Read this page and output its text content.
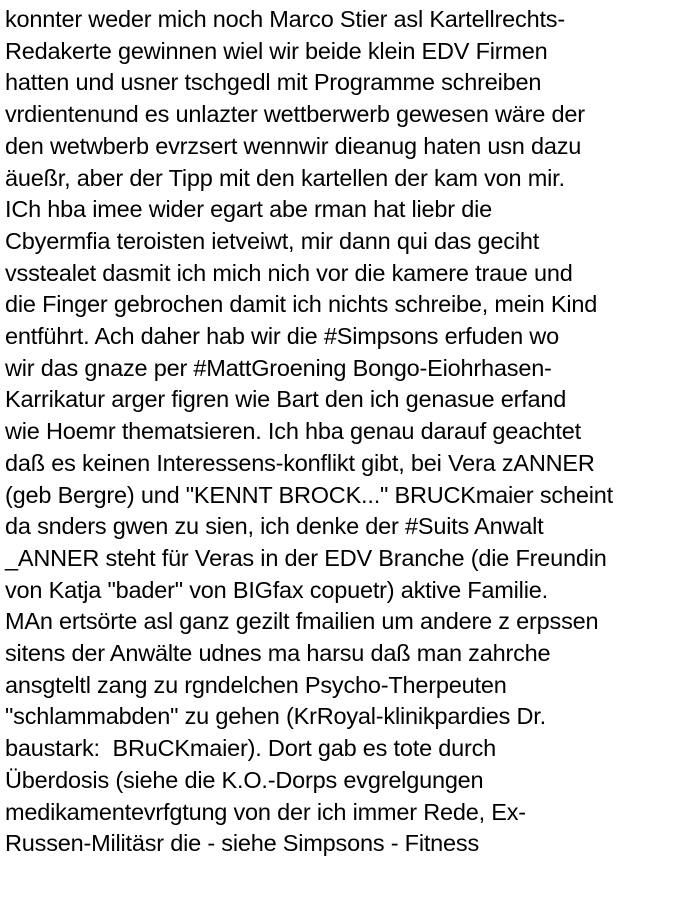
konnter weder mich noch Marco Stier asl Kartellrechts-
Redakerte gewinnen wiel wir beide klein EDV Firmen
hatten und usner tschgedl mit Programme schreiben
vrdientenund es unlazter wettberwerb gewesen wäre der
den wetwberb evrzsert wennwir dieanug haten usn dazu
äueßr, aber der Tipp mit den kartellen der kam von mir.
ICh hba imee wider egart abe rman hat liebr die
Cbyermfia teroisten ietveiwt, mir dann qui das geciht
vsstealet dasmit ich mich nich vor die kamere traue und
die Finger gebrochen damit ich nichts schreibe, mein Kind
entführt. Ach daher hab wir die #Simpsons erfuden wo
wir das gnaze per #MattGroening Bongo-Eiohrhasen-
Karrikatur arger figren wie Bart den ich genasue erfand
wie Hoemr thematsieren. Ich hba genau darauf geachtet
daß es keinen Interessens-konflikt gibt, bei Vera zANNER
(geb Bergre) und "KENNT BROCK..." BRUCKmaier scheint
da snders gwen zu sien, ich denke der #Suits Anwalt
_ANNER steht für Veras in der EDV Branche (die Freundin
von Katja "bader" von BIGfax copuetr) aktive Familie.
MAn ertsörte asl ganz gezilt fmailien um andere z erpssen
sitens der Anwälte udnes ma harsu daß man zahrche
ansgteltl zang zu rgndelchen Psycho-Therpeuten
"schlammabden" zu gehen (KrRoyal-klinikpardies Dr.
baustark:  BRuCKmaier). Dort gab es tote durch
Überdosis (siehe die K.O.-Dorps evgrelgungen
medikamentevrfgtung von der ich immer Rede, Ex-
Russen-Militäsr die - siehe Simpsons - Fitness
